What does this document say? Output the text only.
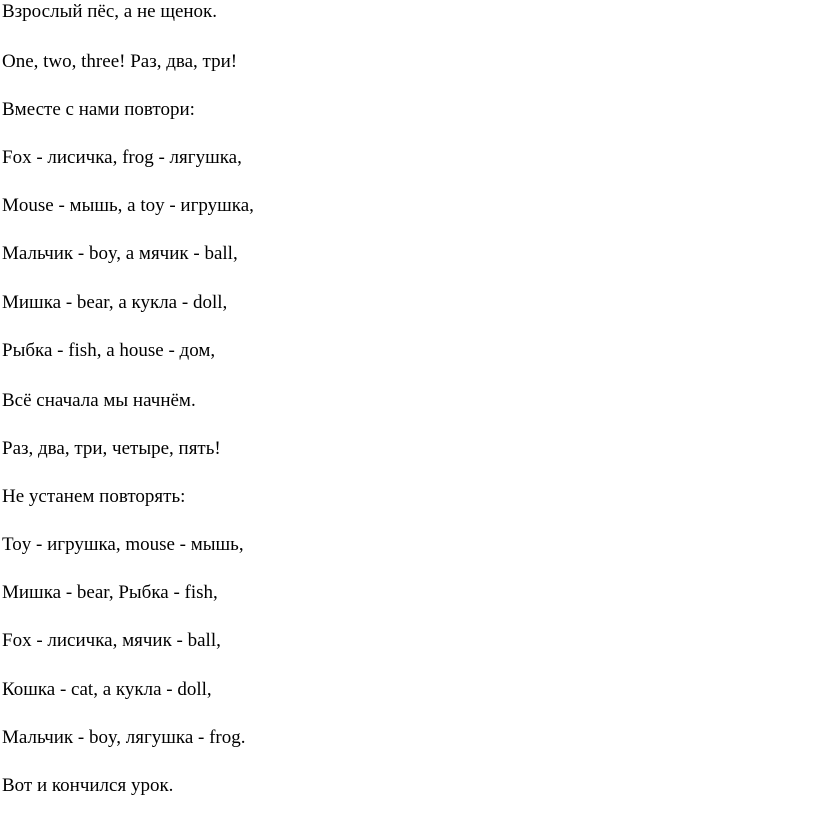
Взрослый пёс, а не щенок.

One, two, three! Раз, два, три!

Вместе с нами повтори:

Fox - лисичка, frog - лягушка,

Mouse - мышь, а toy - игрушка,

Мальчик - boy, а мячик - ball,

Мишка - bear, а кукла - doll,

Рыбка - fish, а house - дом,

Всё сначала мы начнём.

Раз, два, три, четыре, пять!

Не устанем повторять:

Toy - игрушка, mouse - мышь,

Мишка - bear, Рыбка - fish,

Fox - лисичка, мячик - ball,

Кошка - cat, а кукла - doll,

Мальчик - boy, лягушка - frog.

Вот и кончился урок.
